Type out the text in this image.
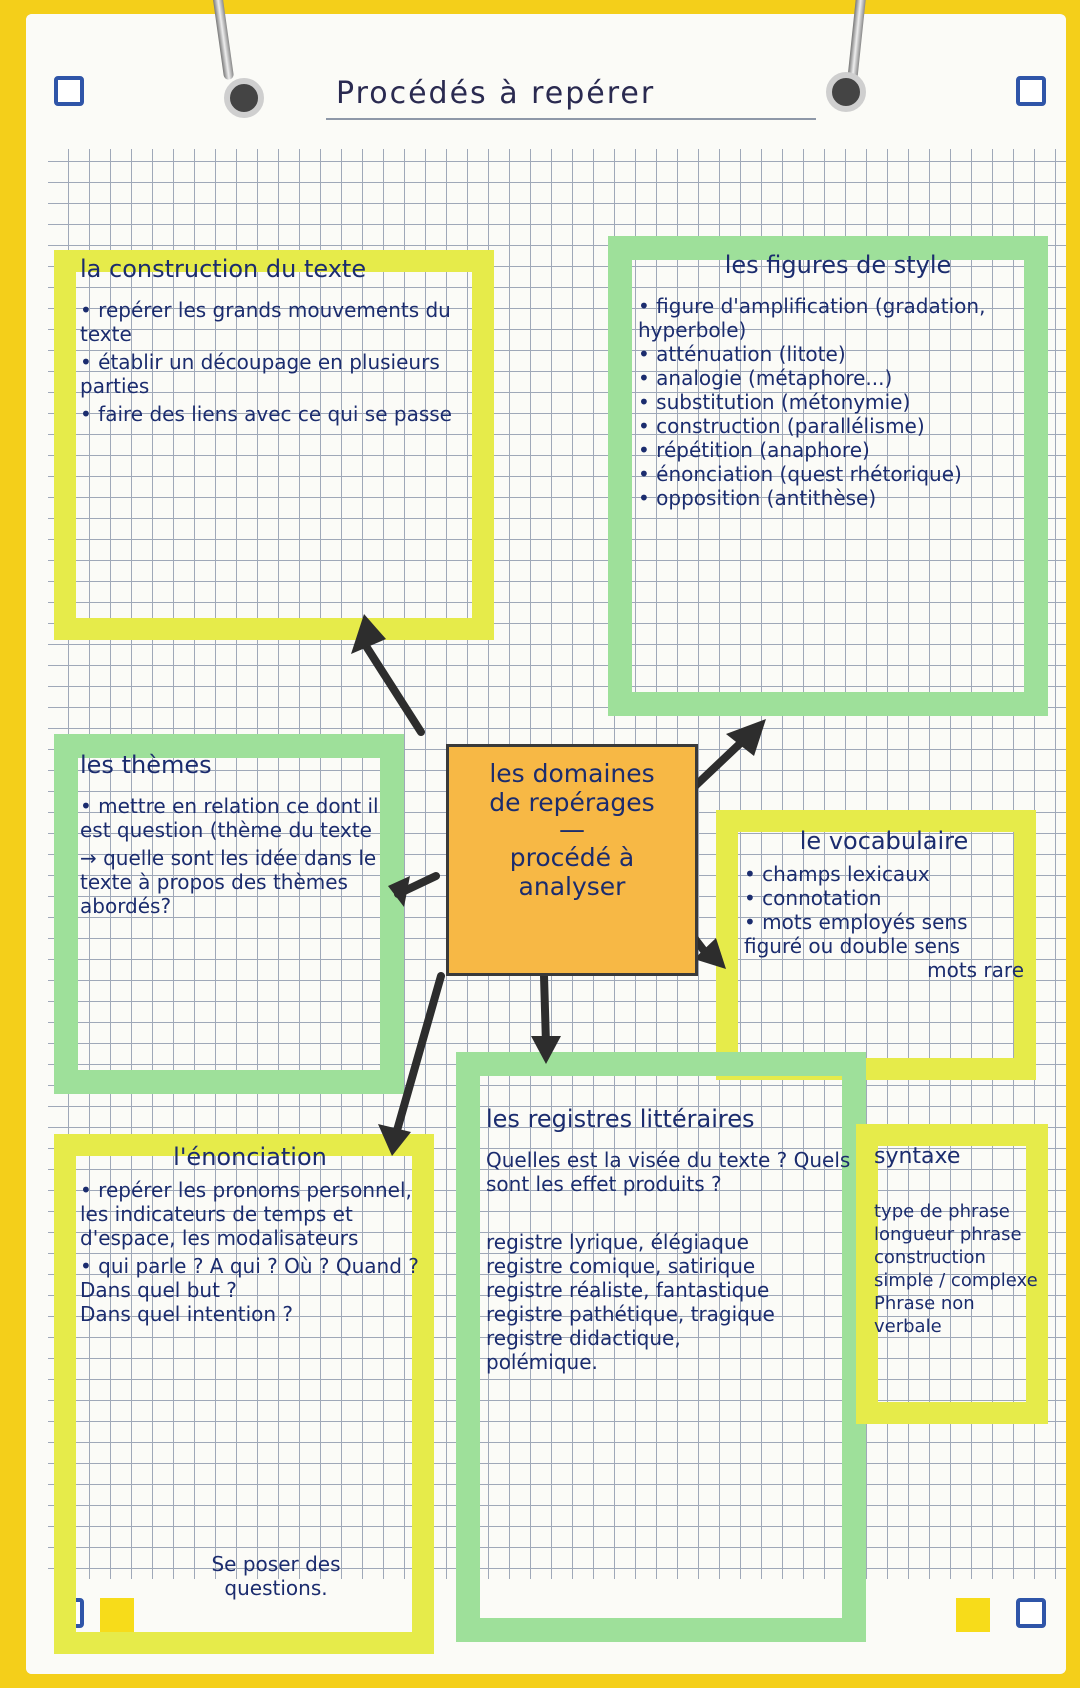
Procédés à repérer
les domaines
de repérages

—
procédé à
analyser
la construction du texte
• repérer les grands mouvements du texte
• établir un découpage en plusieurs parties
• faire des liens avec ce qui se passe
les figures de style
• figure d'amplification (gradation, hyperbole)
• atténuation (litote)
• analogie (métaphore...)
• substitution (métonymie)
• construction (parallélisme)
• répétition (anaphore)
• énonciation (quest rhétorique)
• opposition (antithèse)
les thèmes
• mettre en relation ce dont il est question (thème du texte
→ quelle sont les idée dans le texte à propos des thèmes abordés?
le vocabulaire
• champs lexicaux
• connotation
• mots employés sens figuré ou double sens
mots rare
l'énonciation
• repérer les pronoms personnel, les indicateurs de temps et d'espace, les modalisateurs
• qui parle ? A qui ? Où ? Quand ?
Dans quel but ?
Dans quel intention ?
Se poser des questions.
les registres littéraires
Quelles est la visée du texte ? Quels sont les effet produits ?
registre lyrique, élégiaque
registre comique, satirique
registre réaliste, fantastique
registre pathétique, tragique
registre didactique,
polémique.
syntaxe
type de phrase
longueur phrase
construction simple / complexe
Phrase non verbale
